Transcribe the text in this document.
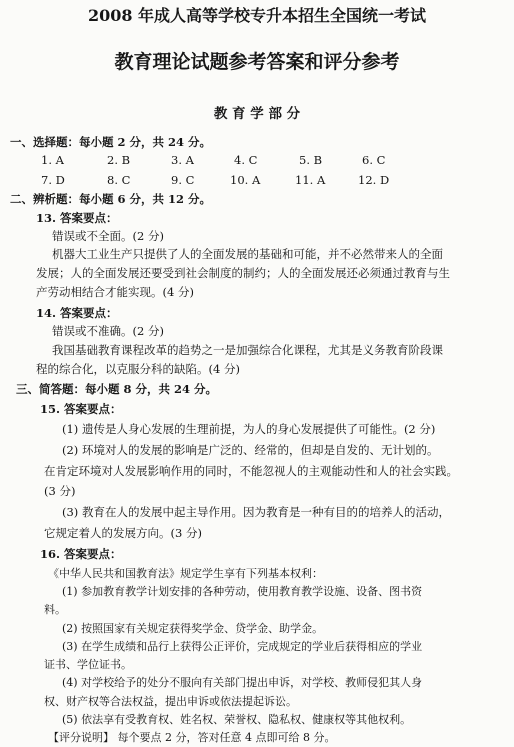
2008 年成人高等学校专升本招生全国统一考试
教育理论试题参考答案和评分参考
教 育 学 部 分
一、选择题：每小题 2 分，共 24 分。
1. A	2. B	3. A	4. C	5. B	6. C
7. D	8. C	9. C	10. A	11. A	12. D
二、辨析题：每小题 6 分，共 12 分。
13. 答案要点：
错误或不全面。(2 分)
机器大工业生产只提供了人的全面发展的基础和可能，并不必然带来人的全面
发展；人的全面发展还要受到社会制度的制约；人的全面发展还必须通过教育与生
产劳动相结合才能实现。(4 分)
14. 答案要点：
错误或不准确。(2 分)
我国基础教育课程改革的趋势之一是加强综合化课程，尤其是义务教育阶段课
程的综合化，以克服分科的缺陷。(4 分)
三、简答题：每小题 8 分，共 24 分。
15. 答案要点：
(1) 遗传是人身心发展的生理前提，为人的身心发展提供了可能性。(2 分)
(2) 环境对人的发展的影响是广泛的、经常的，但却是自发的、无计划的。
在肯定环境对人发展影响作用的同时，不能忽视人的主观能动性和人的社会实践。
(3 分)
(3) 教育在人的发展中起主导作用。因为教育是一种有目的的培养人的活动，
它规定着人的发展方向。(3 分)
16. 答案要点：
《中华人民共和国教育法》规定学生享有下列基本权利：
(1) 参加教育教学计划安排的各种劳动，使用教育教学设施、设备、图书资
料。
(2) 按照国家有关规定获得奖学金、贷学金、助学金。
(3) 在学生成绩和品行上获得公正评价，完成规定的学业后获得相应的学业
证书、学位证书。
(4) 对学校给予的处分不服向有关部门提出申诉，对学校、教师侵犯其人身
权、财产权等合法权益，提出申诉或依法提起诉讼。
(5) 依法享有受教育权、姓名权、荣誉权、隐私权、健康权等其他权利。
【评分说明】 每个要点 2 分，答对任意 4 点即可给 8 分。
